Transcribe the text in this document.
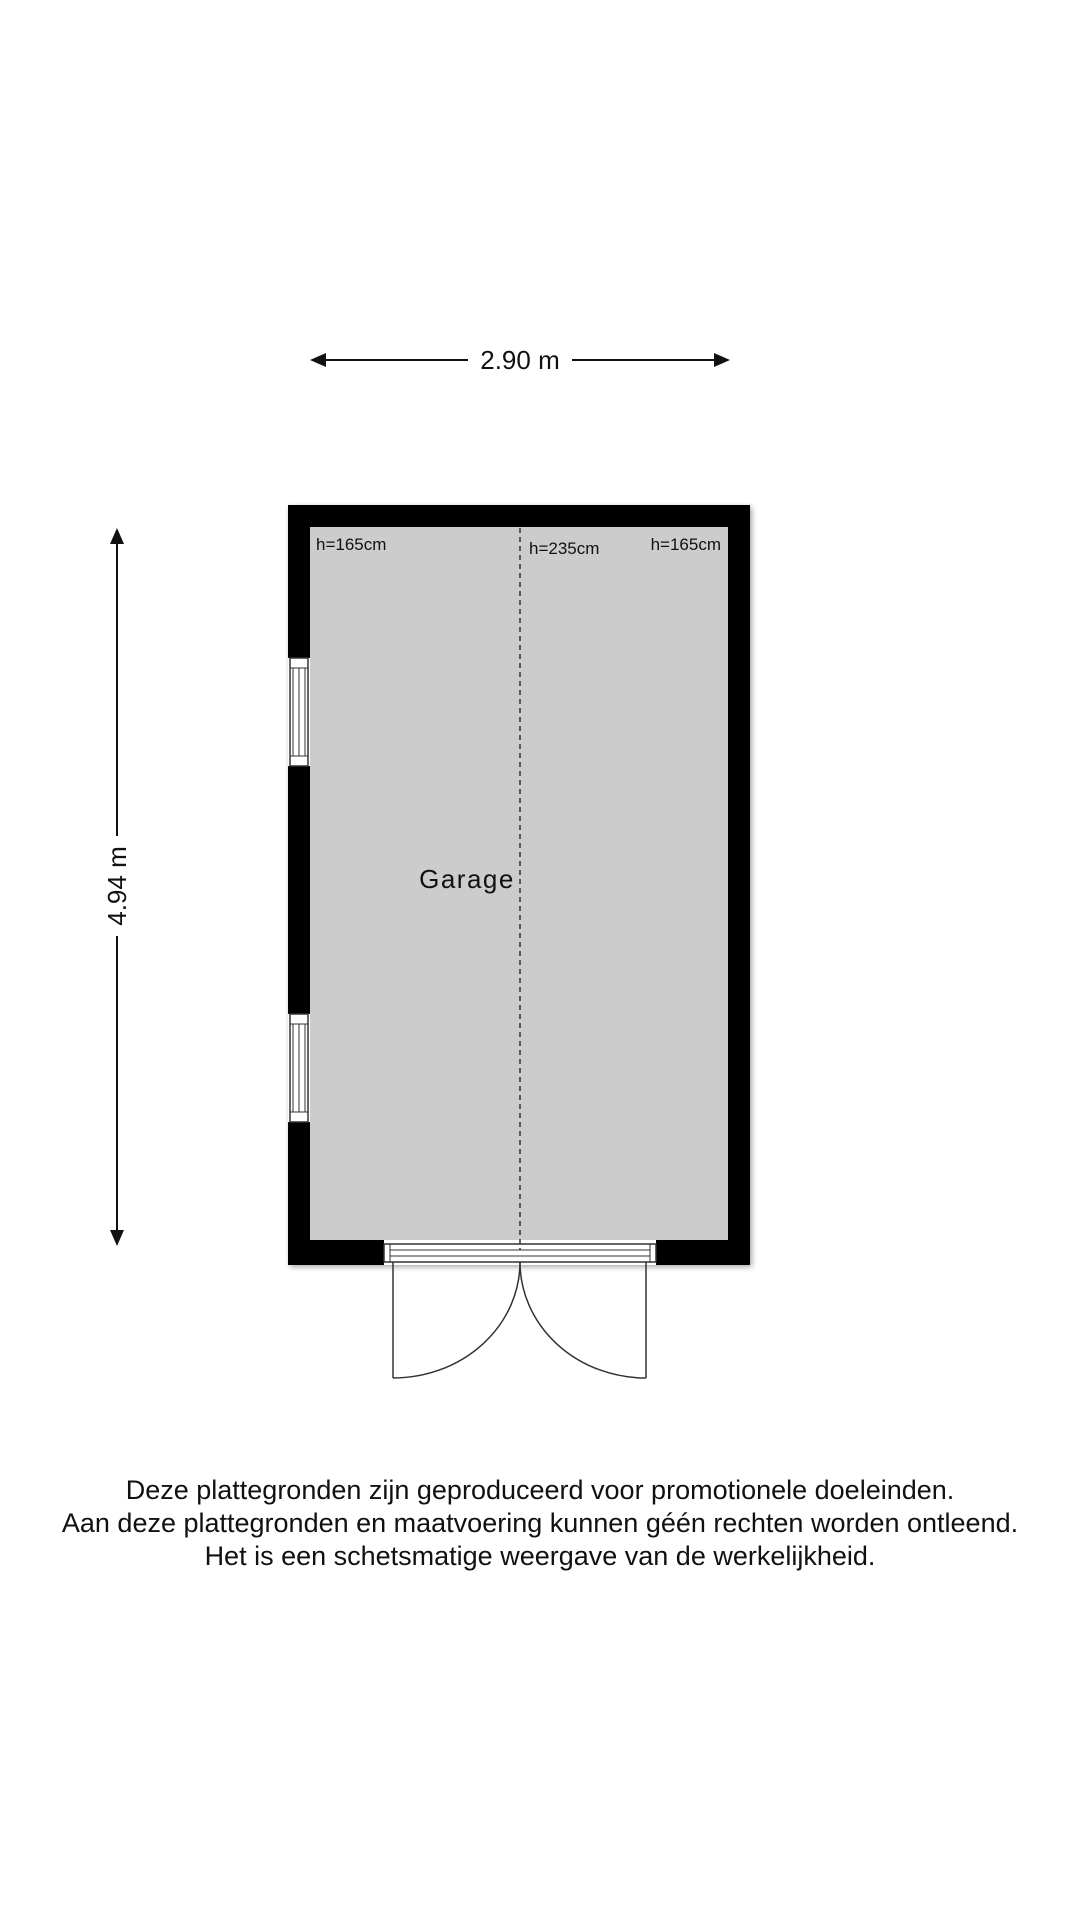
2.90 m
4.94 m
h=165cm	h=235cm	h=165cm
Garage
Deze plattegronden zijn geproduceerd voor promotionele doeleinden.
Aan deze plattegronden en maatvoering kunnen géén rechten worden ontleend.
Het is een schetsmatige weergave van de werkelijkheid.
